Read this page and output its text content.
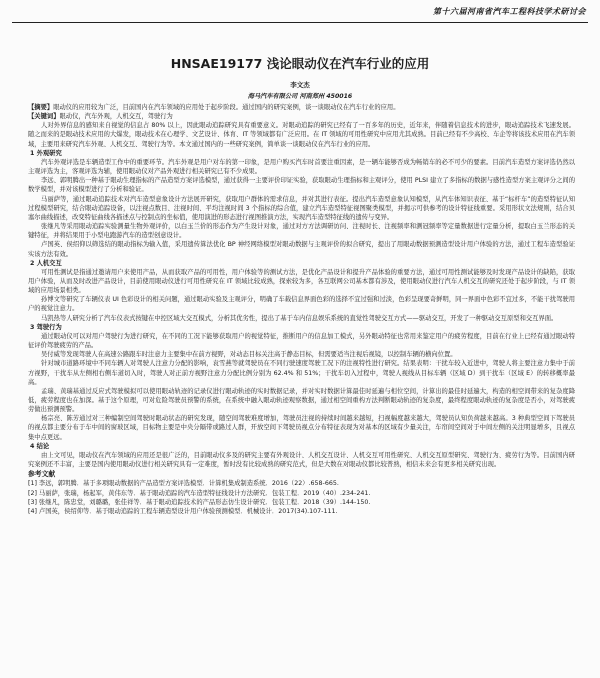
第十六届河南省汽车工程科技学术研讨会
HNSAE19177 浅论眼动仪在汽车行业的应用
李文杰
海马汽车有限公司 河南郑州 450016

【摘要】眼动仪的应用较为广泛，目前国内在汽车领域的应用处于起步阶段。通过国内的研究案例，谈一谈眼动仪在汽车行业的应用。

【关键词】眼动仪，汽车外观，人机交互，驾驶行为

人对外界信息的感知来自视觉的信息占 80% 以上，因此眼动追踪研究具有重要意义。对眼动追踪的研究已经有了一百多年的历史，近年来，伴随着信息技术的进步，眼动追踪技术飞速发展。随之而来的是眼动技术应用的大爆发，眼动技术在心理学、文艺设计、体育、IT 等领域都有广泛应用。在 IT 领域的可用性研究中应用尤其成熟。目前已经有不少高校、车企等将该技术应用在汽车领域，主要用来研究汽车外观、人机交互、驾驶行为等。本文通过国内的一些研究案例，简单谈一谈眼动仪在汽车行业的应用。

1 外观研究

汽车外观评选是车辆造型工作中的重要环节。汽车外观是用户对车的第一印象，是用户购买汽车时首要注重因素，是一辆车能够否成为畅销车的必不可少的要素。目前汽车造型方案评选仍然以主观评选为主，客观评选为辅，使用眼动仪对产品外观进行相关研究已有不少成果。

李远、郭明腾出一种基于眼动生理指标的产品造型方案评选模型，通过获得一主要评价印证实验，获取眼动生理指标和主观评分，使用 PLSI 建立了多指标的数据与感性造型方案主观评分之间的数学模型，并对该模型进行了分析和验证。

马丽萨等，通过眼动追踪技术对汽车造型意象设计方法展开研究，获取用户群体的需求信息，并对其进行表征。提出汽车造型意象认知模型，从汽车体知识表征、基于“标杆车”的造型特征认知过程模型研究，结合眼动追踪设备，以注视点数目、注视时间、平均注视时间 3 个指标的综合值，建立汽车造型特征视图聚类模型，并揭示可供参考的设计特征线重要。采用形状文法规则，结合贝塞尔曲线描述，改变特征曲线各描述点与控制点的坐标值，使用演进的形态进行视图推演方法，实现汽车造型特征线的遗传与变异。

张继凡等采用眼动追踪实验测量生物外观评价，以白玉兰价的形态作为产生设计对象，通过对方方法调研访问、注视时长、注视频率和测冠频率等定量数据进行定量分析，提取白玉兰形态的关键特征，并将结果用于小型电跑游汽车的造型创意设计。

卢国英、侯绍仰以筛选结的眼动指标为输入值，采用遗传算法优化 BP 神经网络模型对眼动数据与主观评价的拟合研究，提出了用眼动数据预测造型设计用户体验的方法，通过工程车造型验证实该方法有效。

2 人机交互

可用性测试是指通过邀请用户来使用产品，从而获取产品的可用性，用户体验等的测试方法，是优化产品设计和提升产品体验的重要方法，通过可用性测试能够及时发现产品设计的缺陷，获取用户体验，从而及时改进产品设计，目前使用眼动仪进行可用性研究在 IT 领域比较成熟，探索较为多，各互联网公司基本都有涉及，使用眼动仪进行汽车人机交互的研究还处于起步阶段，与 IT 领域的应用场景相类。

孙博文等研究了车辆仪表 UI 色彩设计的相关问题，通过眼动实验及主观评分，明确了车载信息界面色彩的选择不宜过强和过淡，色彩呈现要奇鲜明，同一界面中色彩不宜过多，不能干扰驾驶用户的视觉注意力。

马凯热等人研究分析了汽车仪表式按键在中控区域大交互模式，分析其优劣性，提出了基于车内信息娱乐系统的直觉性驾驶交互方式——驱动交互，开发了一种驱动交互原型和交互界面。

3 驾驶行为

通过眼动仪可以对用户驾驶行为进行研究，在不同的工况下能够获取用户的视觉特征，推断用户的信息加工模式，另外眼动特征也常用来鉴定用户的疲劳程度，目前在行业上已经有通过眼动特征评价驾驶疲劳的产品。

吴付威等发现驾驶人在高速公路跟车时注意力主要集中在前方视野，对动态目标关注高于静态目标，但需要适当注视后视镜，以控制车辆的横向位置。

针对城市道路环境中不同车辆人对驾驶人注意力分配的影响，袁雪燕等就驾驶员在不同行驶速度驾驶工况下的注视特性进行研究。结果表明：干扰车较入近进中，驾驶人将主要注意力集中于前方视野，干扰车从左侧相右侧车道切入时，驾驶人对正前方视野注意力分配比例分别为 62.4% 和 51%；干扰车切入过程中，驾驶人视线从目标车辆（区域 D）到干扰车（区域 E）的转移概率最高。

孟瑞、黄瑞基通过反应式驾驶模拟可以使用眼动轨迹的记录仪进行眼动轨迹的实时数据记录，并对实时数据计算最佳时延遍与相位空间，计算出的最佳时延遍大，构造的相空间带来的复杂度降低，疲劳程度也在加深。基于这个原理，可对危险驾驶员预警的系统，在系统中融入眼动轨迹观察数据，通过相空间重构方法判断眼动轨迹的复杂度，最终程度眼动轨迹的复杂度是否小，对驾驶疲劳做出预测预警。

杨宗亮、陈芳通过对三种编制空间驾驶时眼动状态的研究发现，随空间驾驶难度增加，驾驶员注视的持续时间越来越短，扫视幅度越来越大，驾驶员认知负荷越来越高。3 种典型空间下驾驶员的视点都主要分布于车中间的窗玻区域，目标物主要是中央分隔带或路过人群，开放空间下驾驶员视点分布特征表现为对基本的区域有少量关注，车帘间空间对于中间左侧的关注明显增多，且视点集中点更远。

4 结论

由上文可见，眼动仪在汽车领域的应用还是很广泛的，目前眼动仪多及的研究主要有外观设计、人机交互设计、人机交互可用性研究、人机交互原型研究、驾驶行为、疲劳行为等。目前国内研究案例还不丰富，主要是国内使用眼动仪进行相关研究具有一定难度，暂时没有比较成熟的研究范式，但是大数在对眼动仪都比较普熟，相信未来会有更多相关研究出现。

参考文献
[1] 李远，郭明腾．基于多项眼动数据的产品造型方案评选模型．计算机集成制造系统．2016（22）.658-665.
[2] 马丽萨，张瑞，杨起军，黄伟东等．基于眼动追踪的汽车造型特征线设计方法研究．包装工程．2019（40）.234-241.
[3] 张继凡，陈忠堂，刘璐璐，张佳祥等．基于眼动追踪技术的产品形态仿生设计研究．包装工程．2018（39）.144-150.
[4] 卢国英，侯绍仰等．基于眼动追踪的工程车辆造型设计用户体验预测模型．机械设计．2017(34).107-111.
